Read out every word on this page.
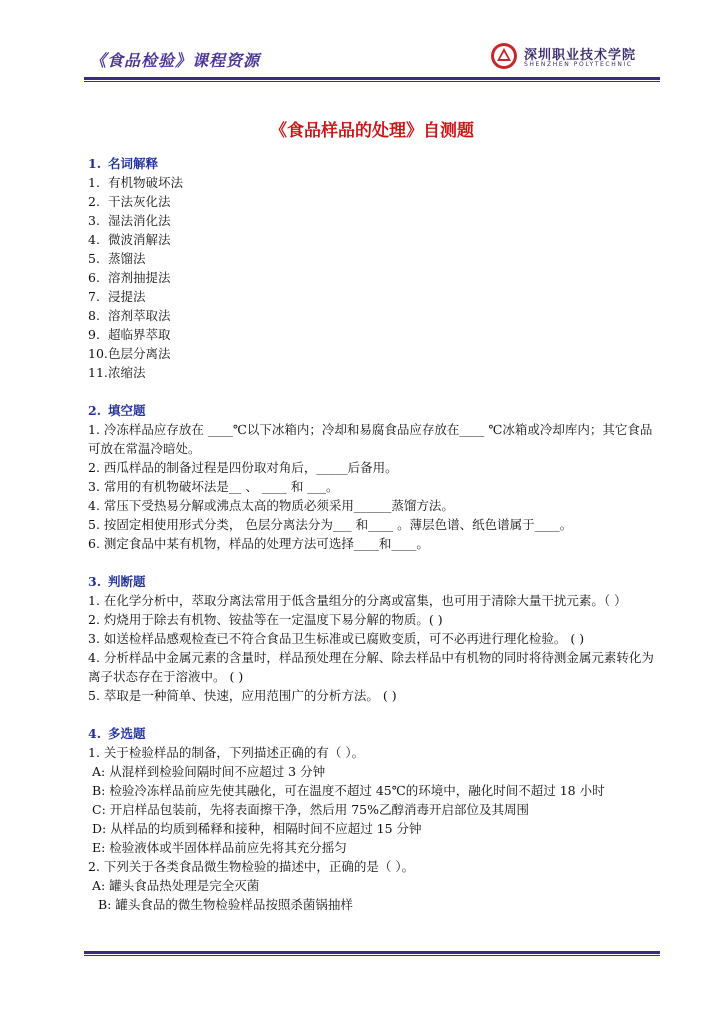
《食品检验》课程资源	深圳职业技术学院
SHENZHEN POLYTECHNIC
《食品样品的处理》自测题

1. 名词解释

1. 有机物破坏法

2. 干法灰化法

3. 湿法消化法

4. 微波消解法

5. 蒸馏法

6. 溶剂抽提法

7. 浸提法

8. 溶剂萃取法

9. 超临界萃取

10.色层分离法

11.浓缩法

2. 填空题

1. 冷冻样品应存放在 ____℃以下冰箱内；冷却和易腐食品应存放在____ ℃冰箱或冷却库内；其它食品可放在常温冷暗处。

2. 西瓜样品的制备过程是四份取对角后，_____后备用。

3. 常用的有机物破坏法是__ 、 ____ 和 ___。

4. 常压下受热易分解或沸点太高的物质必须采用______蒸馏方法。

5. 按固定相使用形式分类， 色层分离法分为___ 和____ 。薄层色谱、纸色谱属于____。

6. 测定食品中某有机物，样品的处理方法可选择____和____。

3. 判断题

1. 在化学分析中，萃取分离法常用于低含量组分的分离或富集，也可用于清除大量干扰元素。（ ）

2. 灼烧用于除去有机物、铵盐等在一定温度下易分解的物质。( )

3. 如送检样品感观检查已不符合食品卫生标准或已腐败变质，可不必再进行理化检验。 ( )

4. 分析样品中金属元素的含量时，样品预处理在分解、除去样品中有机物的同时将待测金属元素转化为离子状态存在于溶液中。 ( )

5. 萃取是一种简单、快速，应用范围广的分析方法。 ( )

4. 多选题

1. 关于检验样品的制备，下列描述正确的有（ ）。

A: 从混样到检验间隔时间不应超过 3 分钟

B: 检验冷冻样品前应先使其融化，可在温度不超过 45℃的环境中，融化时间不超过 18 小时

C: 开启样品包装前，先将表面擦干净，然后用 75%乙醇消毒开启部位及其周围

D: 从样品的均质到稀释和接种，相隔时间不应超过 15 分钟

E: 检验液体或半固体样品前应先将其充分摇匀

2. 下列关于各类食品微生物检验的描述中，正确的是（ ）。

A: 罐头食品热处理是完全灭菌

B: 罐头食品的微生物检验样品按照杀菌锅抽样
